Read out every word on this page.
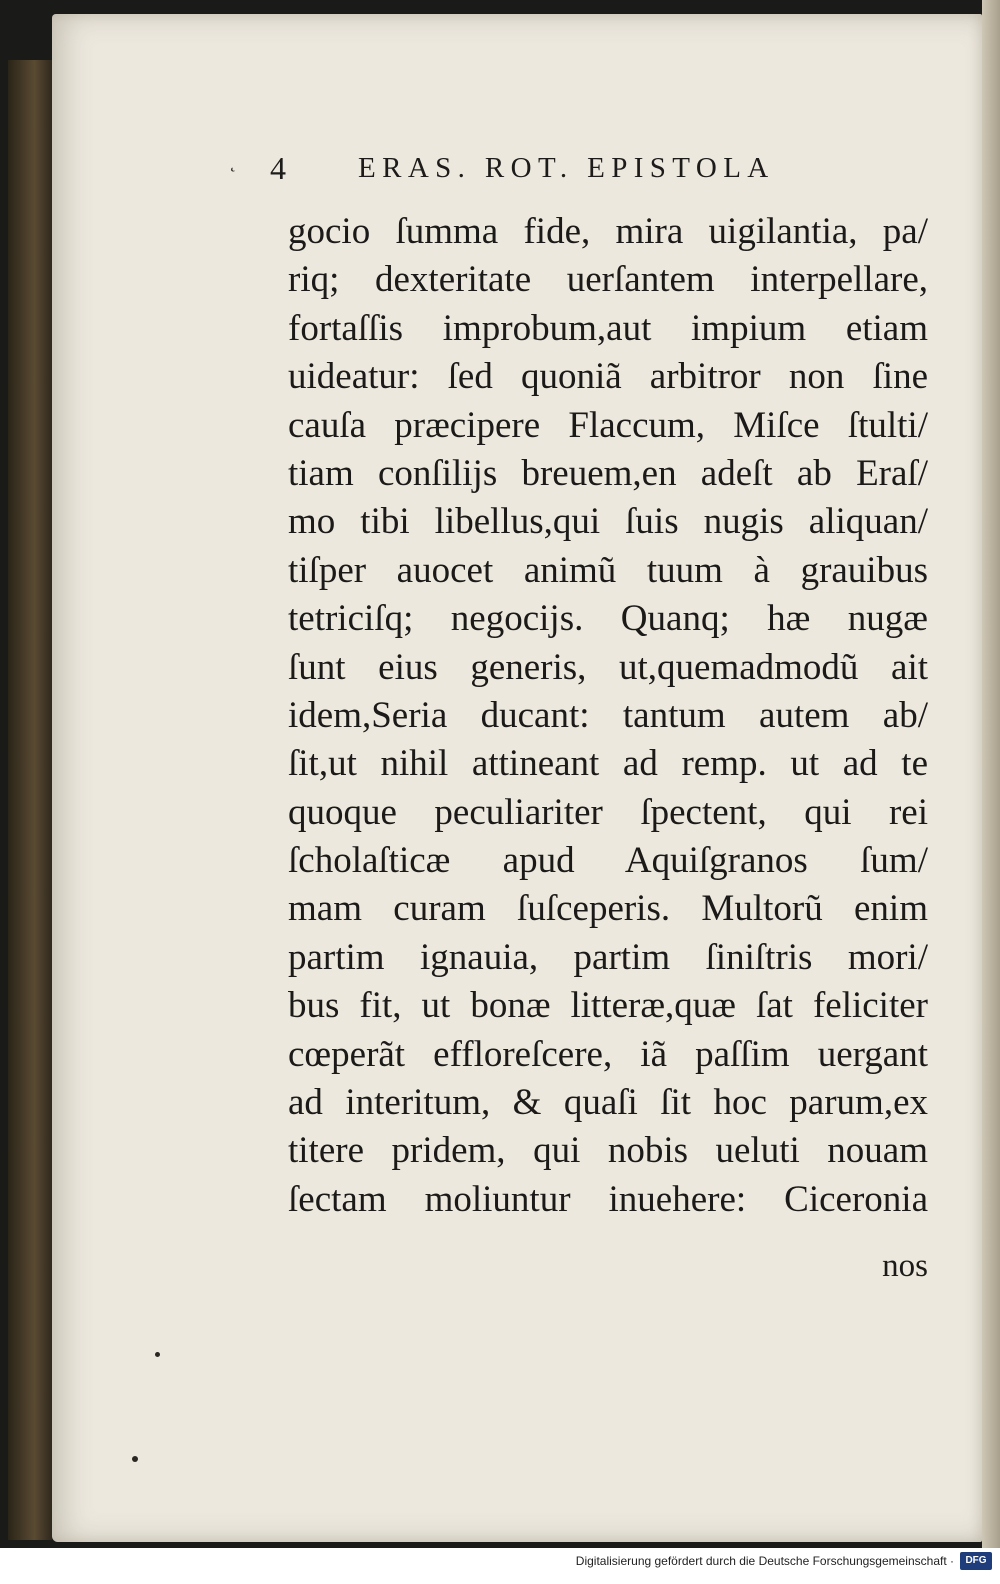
˛ 4 ERAS. ROT. EPISTOLA
gocio ſumma fide, mira uigilantia, pa/
riq; dexteritate uerſantem interpellare,
fortaſſis improbum,aut impium etiam
uideatur: ſed quoniã arbitror non ſine
cauſa præcipere Flaccum, Miſce ſtulti/
tiam conſilijs breuem,en adeſt ab Eraſ/
mo tibi libellus,qui ſuis nugis aliquan/
tiſper auocet animũ tuum à grauibus
tetriciſq; negocijs. Quanq; hæ nugæ
ſunt eius generis, ut,quemadmodũ ait
idem,Seria ducant: tantum autem ab/
ſit,ut nihil attineant ad remp. ut ad te
quoque peculiariter ſpectent, qui rei
ſcholaſticæ apud Aquiſgranos ſum/
mam curam ſuſceperis. Multorũ enim
partim ignauia, partim ſiniſtris mori/
bus fit, ut bonæ litteræ,quæ ſat feliciter
cœperãt effloreſcere, iã paſſim uergant
ad interitum, & quaſi ſit hoc parum,ex
titere pridem, qui nobis ueluti nouam
ſectam moliuntur inuehere: Ciceronia
nos
Digitalisierung gefördert durch die Deutsche Forschungsgemeinschaft ·	DFG
